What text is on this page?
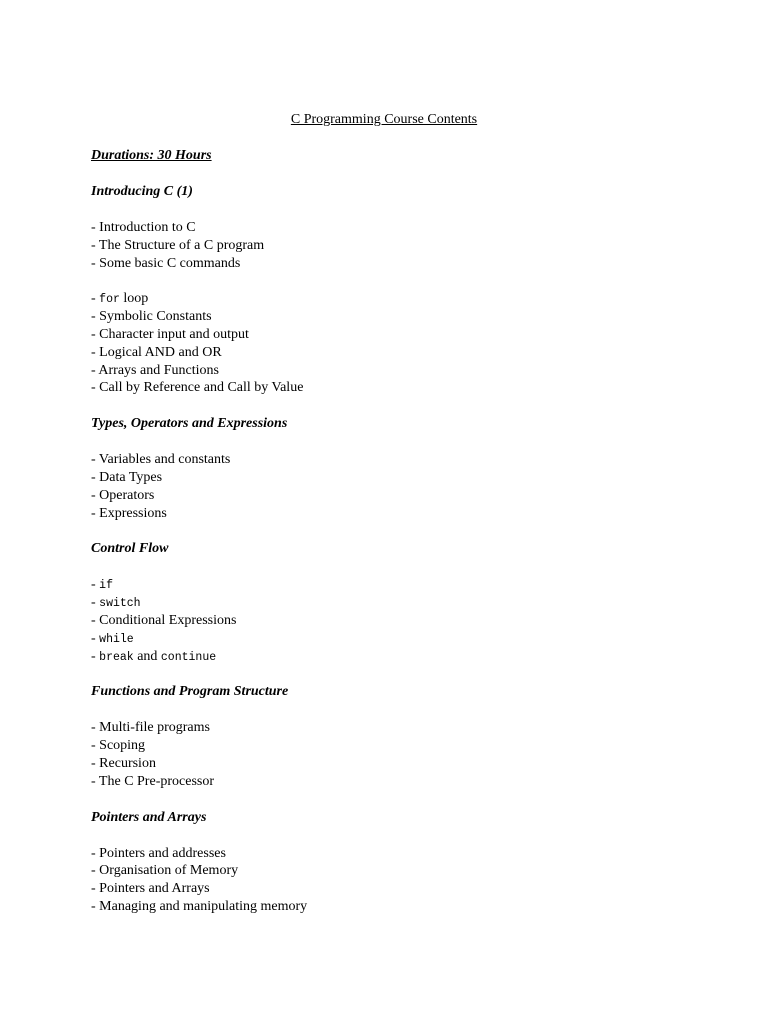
C Programming Course Contents
Durations: 30 Hours
Introducing C (1)
- Introduction to C
- The Structure of a C program
- Some basic C commands
- for loop
- Symbolic Constants
- Character input and output
- Logical AND and OR
- Arrays and Functions
- Call by Reference and Call by Value
Types, Operators and Expressions
- Variables and constants
- Data Types
- Operators
- Expressions
Control Flow
- if
- switch
- Conditional Expressions
- while
- break and continue
Functions and Program Structure
- Multi-file programs
- Scoping
- Recursion
- The C Pre-processor
Pointers and Arrays
- Pointers and addresses
- Organisation of Memory
- Pointers and Arrays
- Managing and manipulating memory
